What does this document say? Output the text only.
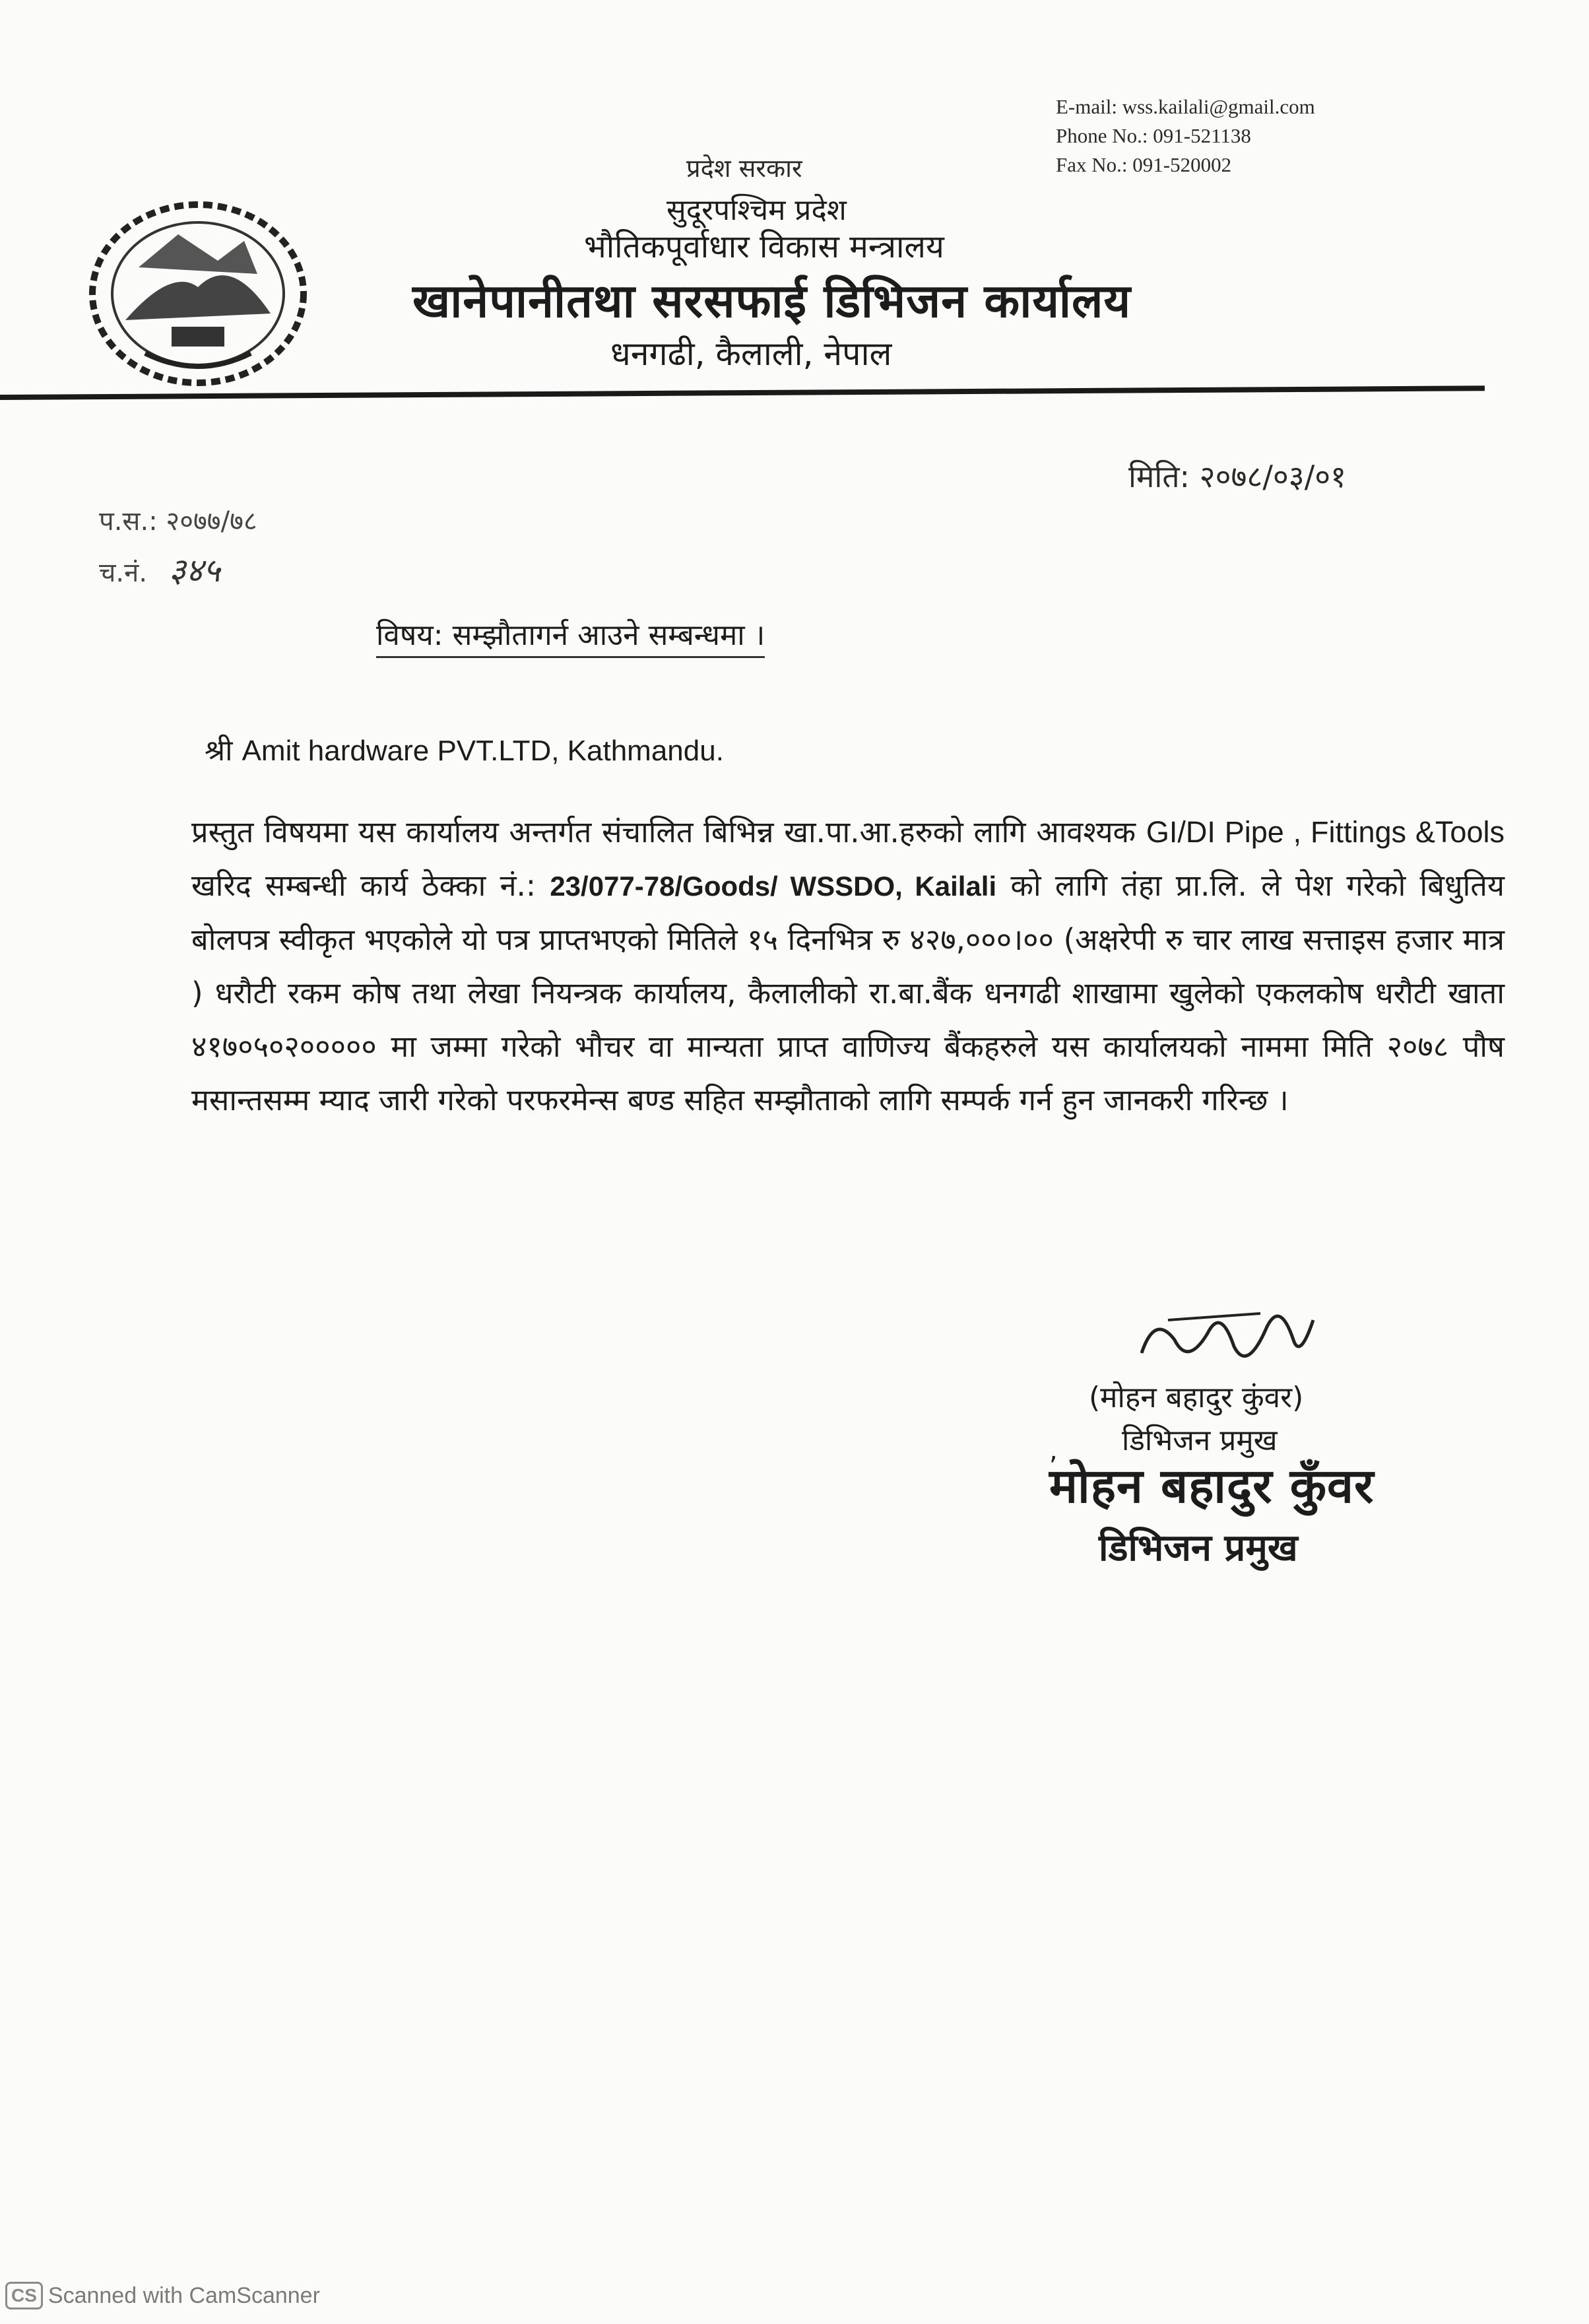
E-mail: wss.kailali@gmail.com
Phone No.: 091-521138
Fax No.: 091-520002
प्रदेश सरकार
सुदूरपश्चिम प्रदेश
भौतिकपूर्वाधार विकास मन्त्रालय
खानेपानीतथा सरसफाई डिभिजन कार्यालय
धनगढी, कैलाली, नेपाल
मिति: २०७८/०३/०१
प.स.: २०७७/७८
च.नं. ३४५
विषय: सम्झौतागर्न आउने सम्बन्धमा ।
श्री Amit hardware PVT.LTD, Kathmandu.
प्रस्तुत विषयमा यस कार्यालय अन्तर्गत संचालित बिभिन्न खा.पा.आ.हरुको लागि आवश्यक GI/DI Pipe , Fittings &Tools खरिद सम्बन्धी कार्य ठेक्का नं.: 23/077-78/Goods/ WSSDO, Kailali को लागि तंहा प्रा.लि. ले पेश गरेको बिधुतिय बोलपत्र स्वीकृत भएकोले यो पत्र प्राप्तभएको मितिले १५ दिनभित्र रु ४२७,०००।०० (अक्षरेपी रु चार लाख सत्ताइस हजार मात्र ) धरौटी रकम कोष तथा लेखा नियन्त्रक कार्यालय, कैलालीको रा.बा.बैंक धनगढी शाखामा खुलेको एकलकोष धरौटी खाता ४१७०५०२००००० मा जम्मा गरेको भौचर वा मान्यता प्राप्त वाणिज्य बैंकहरुले यस कार्यालयको नाममा मिति २०७८ पौष मसान्तसम्म म्याद जारी गरेको परफरमेन्स बण्ड सहित सम्झौताको लागि सम्पर्क गर्न हुन जानकरी गरिन्छ ।
(मोहन बहादुर कुंवर)
डिभिजन प्रमुख
,
मोहन बहादुर कुँवर
डिभिजन प्रमुख
CS Scanned with CamScanner
